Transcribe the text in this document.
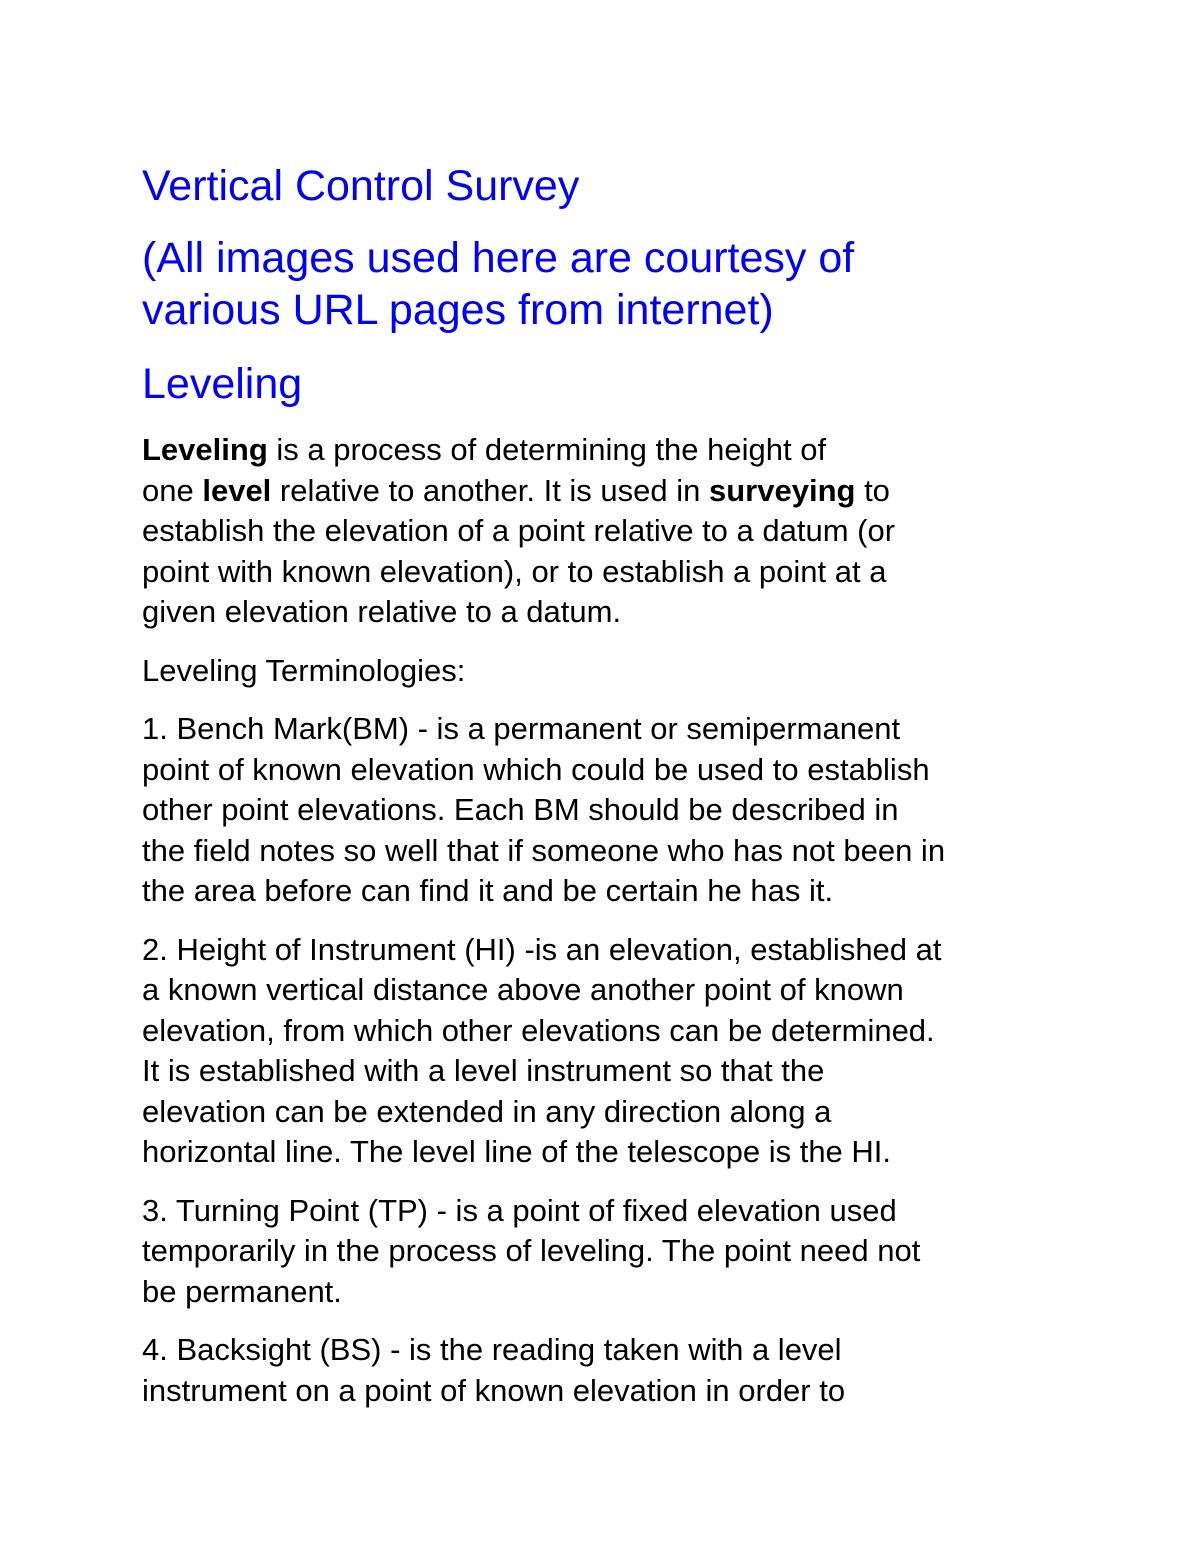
Vertical Control Survey
(All images used here are courtesy of
various URL pages from internet)
Leveling
Leveling is a process of determining the height of
one level relative to another. It is used in surveying to
establish the elevation of a point relative to a datum (or
point with known elevation), or to establish a point at a
given elevation relative to a datum.
Leveling Terminologies:
1. Bench Mark(BM) - is a permanent or semipermanent
point of known elevation which could be used to establish
other point elevations. Each BM should be described in
the field notes so well that if someone who has not been in
the area before can find it and be certain he has it.
2. Height of Instrument (HI) -is an elevation, established at
a known vertical distance above another point of known
elevation, from which other elevations can be determined.
It is established with a level instrument so that the
elevation can be extended in any direction along a
horizontal line. The level line of the telescope is the HI.
3. Turning Point (TP) - is a point of fixed elevation used
temporarily in the process of leveling. The point need not
be permanent.
4. Backsight (BS) - is the reading taken with a level
instrument on a point of known elevation in order to
